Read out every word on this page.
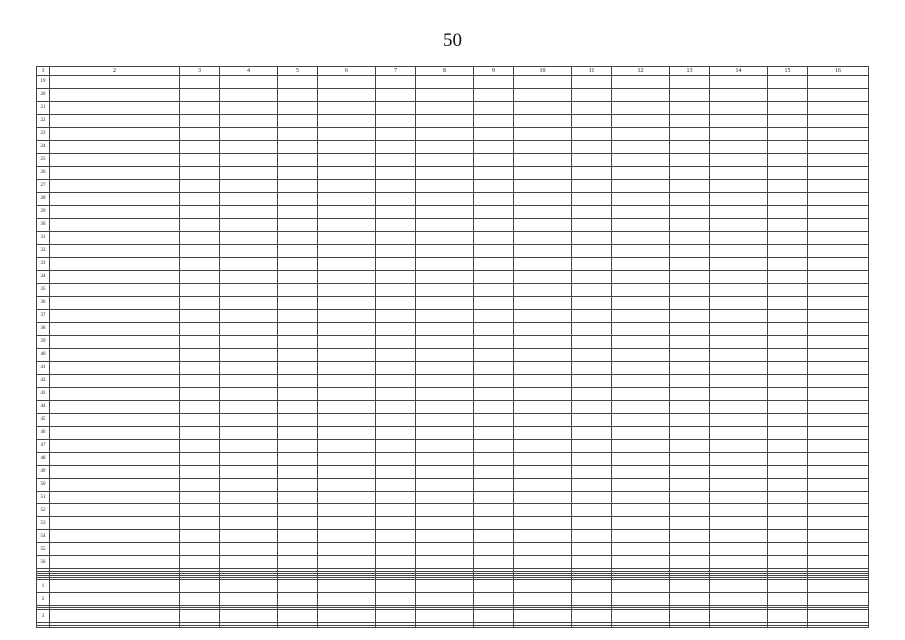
50
1	2	3	4	5	6	7	8	9	10	11	12	13	14	15	16
19															
20															
21															
22															
23															
24															
25															
26															
27															
28															
29															
30															
31															
32															
33															
34															
35															
36															
37															
38															
39															
40															
41															
42															
43															
44															
45															
46															
47															
48															
49															
50															
51															
52															
53															
54															
55															
56															

1															
2															

3															
